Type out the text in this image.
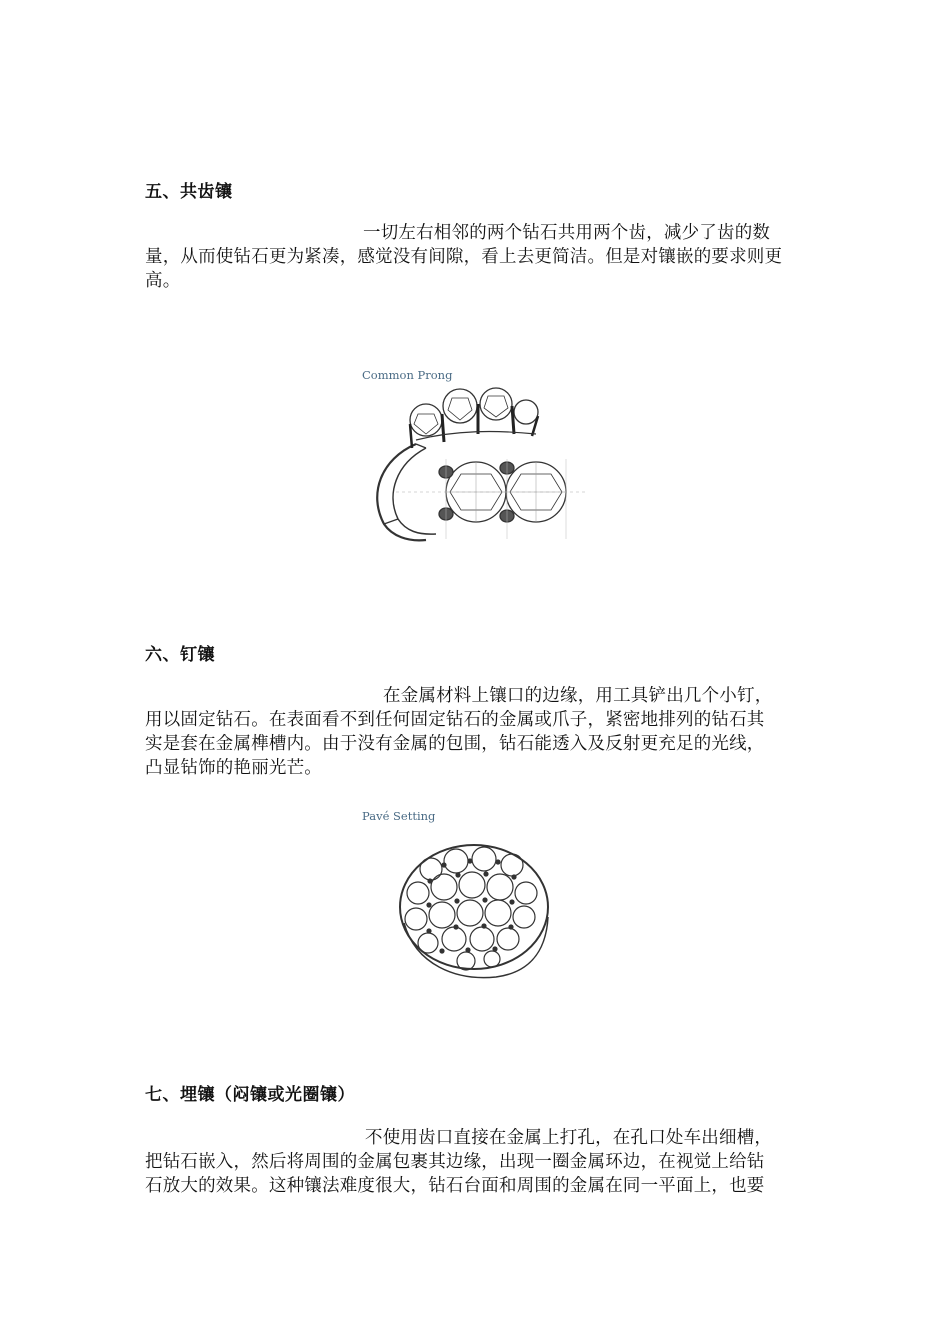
五、共齿镶
一切左右相邻的两个钻石共用两个齿，减少了齿的数
量，从而使钻石更为紧凑，感觉没有间隙，看上去更简洁。但是对镶嵌的要求则更
高。
Common Prong
六、钉镶
在金属材料上镶口的边缘，用工具铲出几个小钉，
用以固定钻石。在表面看不到任何固定钻石的金属或爪子，紧密地排列的钻石其
实是套在金属榫槽内。由于没有金属的包围，钻石能透入及反射更充足的光线，
凸显钻饰的艳丽光芒。
Pavé Setting
七、埋镶（闷镶或光圈镶）
不使用齿口直接在金属上打孔，在孔口处车出细槽，
把钻石嵌入，然后将周围的金属包裹其边缘，出现一圈金属环边，在视觉上给钻
石放大的效果。这种镶法难度很大，钻石台面和周围的金属在同一平面上，也要
